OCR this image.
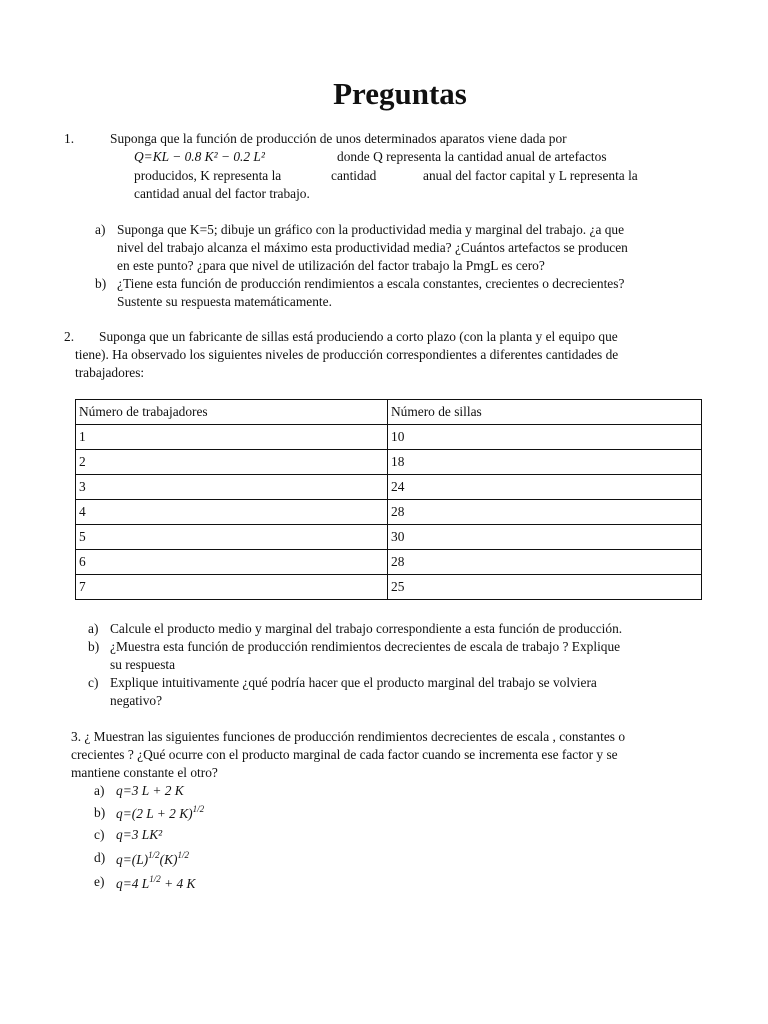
Preguntas
1.	Suponga que la función de producción de unos determinados aparatos viene dada por
Q=KL − 0.8 K² − 0.2 L²	donde Q representa la cantidad anual de artefactos
producidos, K representa la	cantidad	anual del factor capital y L representa la
cantidad anual del factor trabajo.
a) Suponga que K=5; dibuje un gráfico con la productividad media y marginal del trabajo. ¿a que
nivel del trabajo alcanza el máximo esta productividad media? ¿Cuántos artefactos se producen
en este punto? ¿para que nivel de utilización del factor trabajo la PmgL es cero?
b) ¿Tiene esta función de producción rendimientos a escala constantes, crecientes o decrecientes?
Sustente su respuesta matemáticamente.
2. Suponga que un fabricante de sillas está produciendo a corto plazo (con la planta y el equipo que
tiene). Ha observado los siguientes niveles de producción correspondientes a diferentes cantidades de
trabajadores:
Número de trabajadores	Número de sillas
1	10
2	18
3	24
4	28
5	30
6	28
7	25
a) Calcule el producto medio y marginal del trabajo correspondiente a esta función de producción.
b) ¿Muestra esta función de producción rendimientos decrecientes de escala de trabajo ? Explique
su respuesta
c) Explique intuitivamente ¿qué podría hacer que el producto marginal del trabajo se volviera
negativo?
3. ¿ Muestran las siguientes funciones de producción rendimientos decrecientes de escala , constantes o
crecientes ? ¿Qué ocurre con el producto marginal de cada factor cuando se incrementa ese factor y se
mantiene constante el otro?
a) q=3 L + 2 K
b) q=(2 L + 2 K)$^{1/2}$
c) q=3 LK²
d) $q=(L)^{1/2}(K)^{1/2}$
e) q=4 $L^{1/2} + 4$ K
